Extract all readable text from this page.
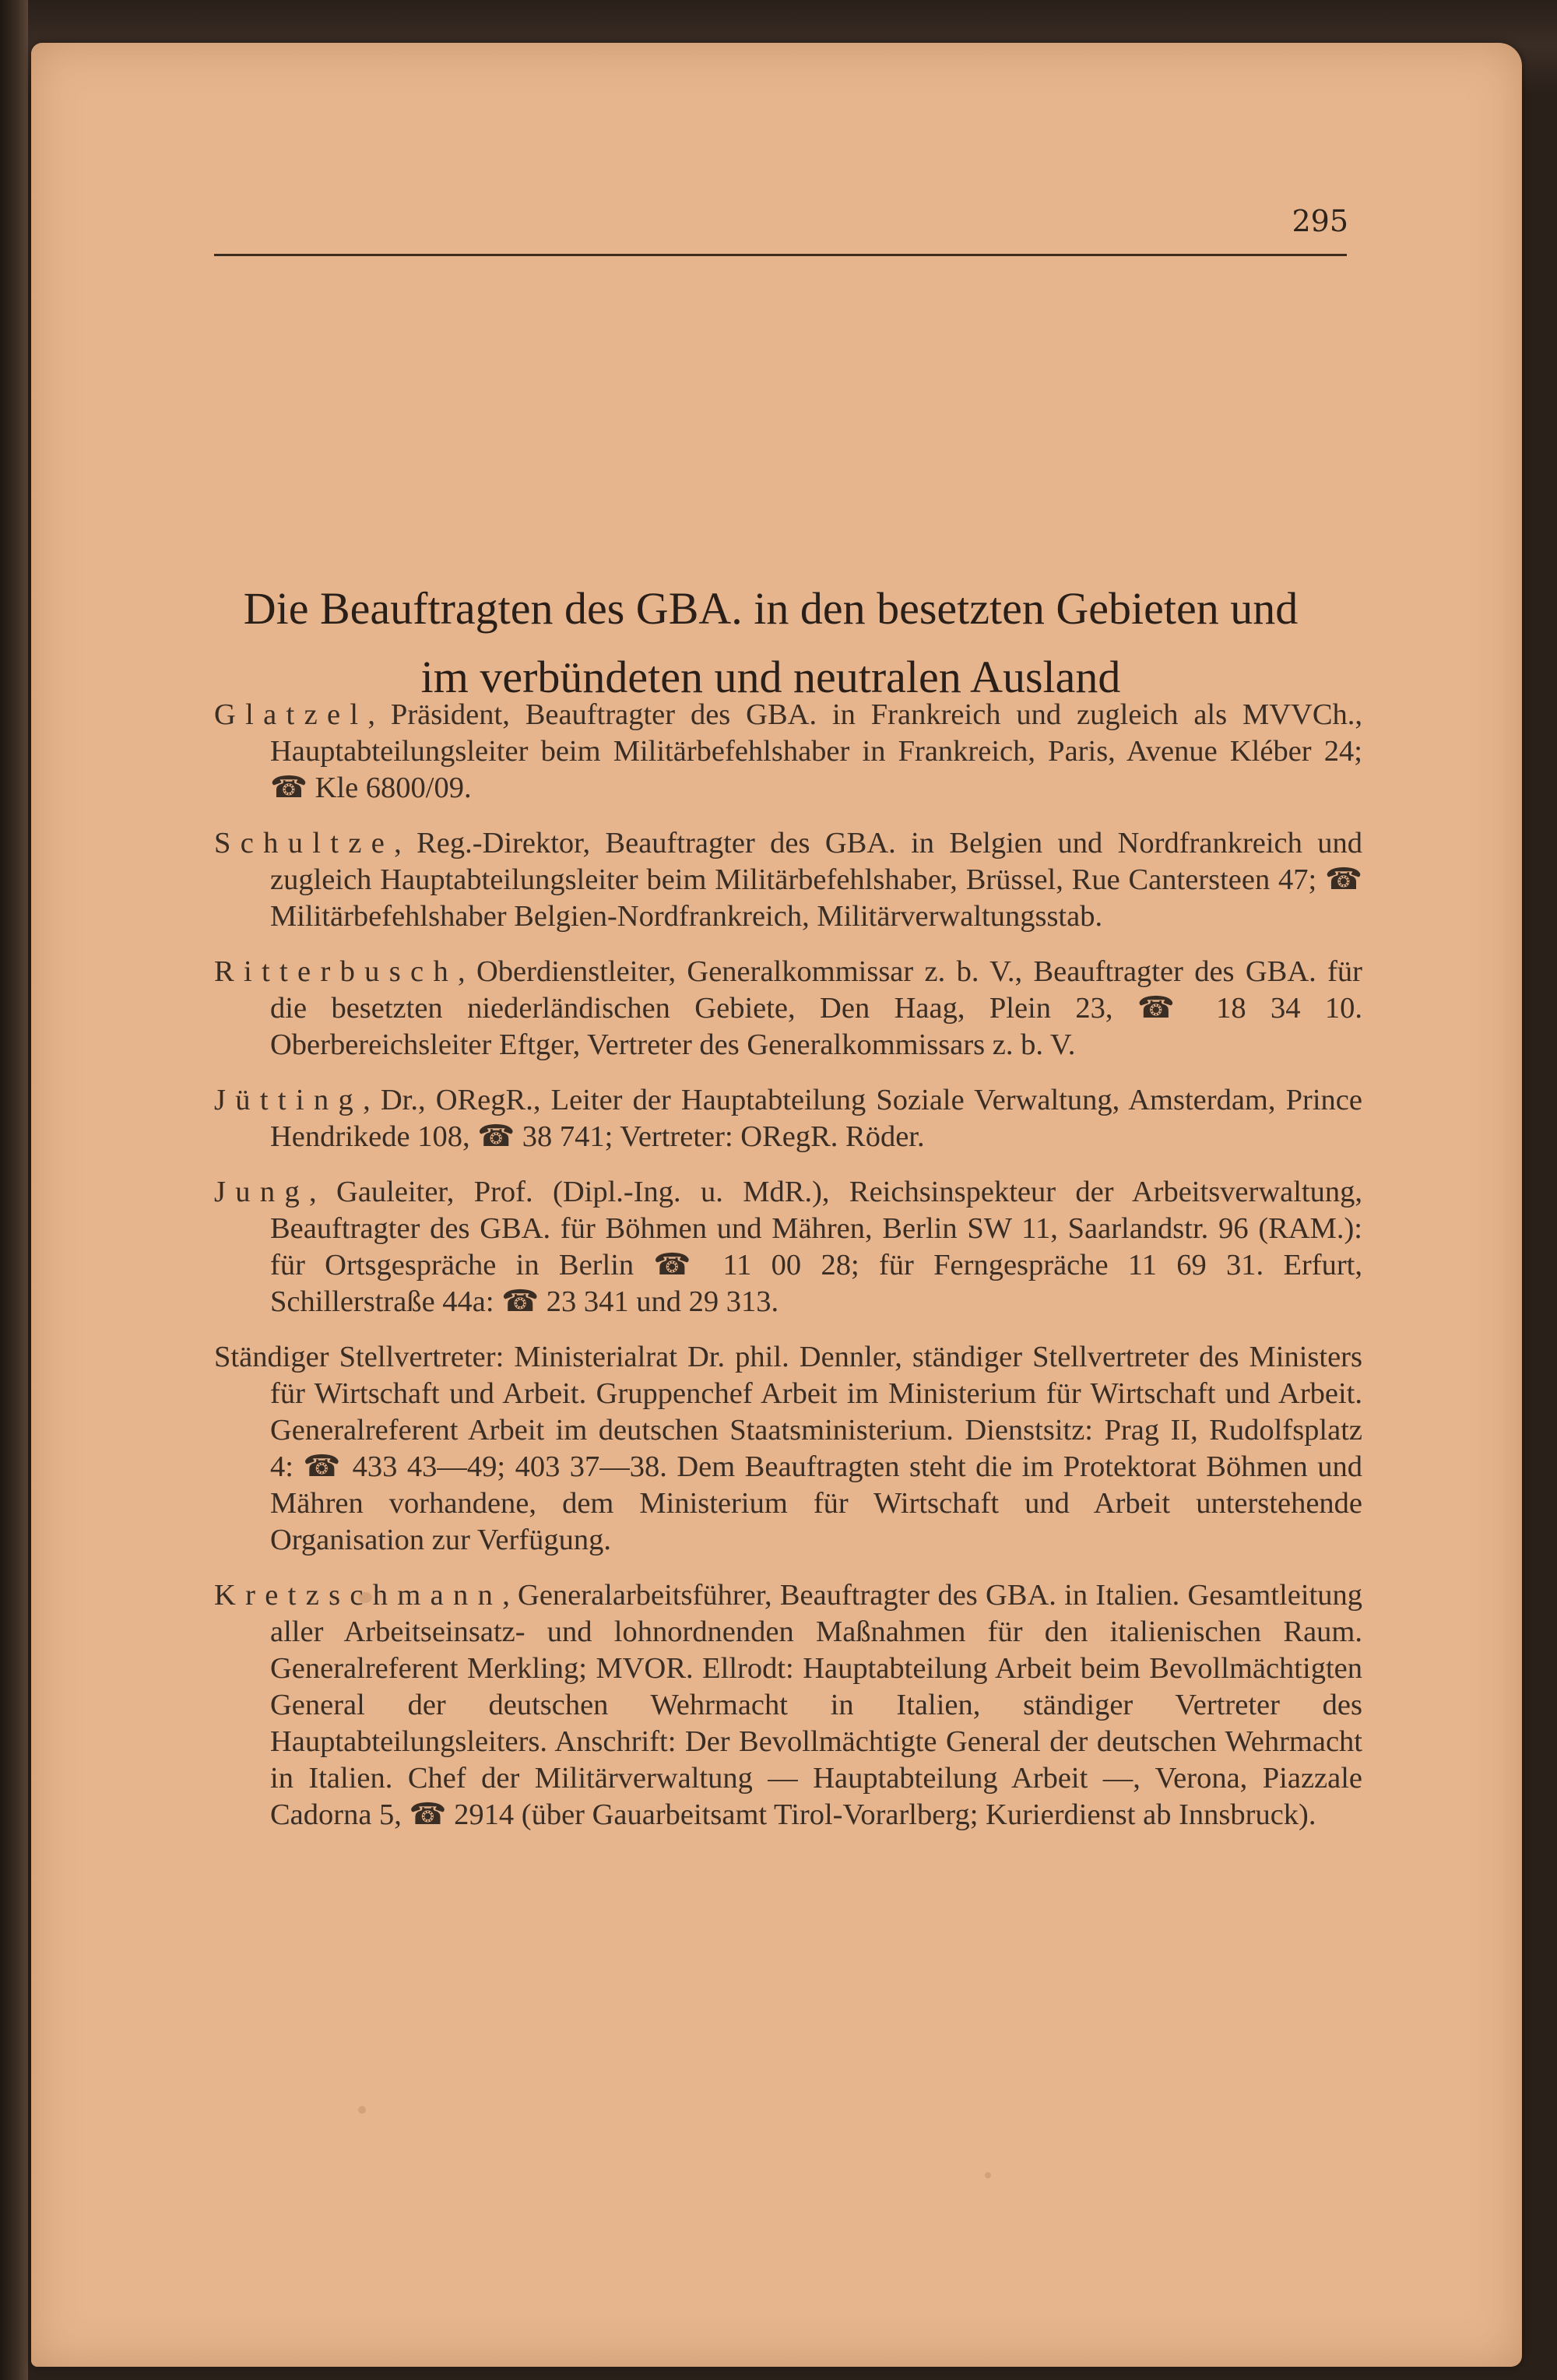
295
Die Beauftragten des GBA. in den besetzten Gebieten und
im verbündeten und neutralen Ausland

Glatzel, Präsident, Beauftragter des GBA. in Frankreich und zugleich als MVVCh., Hauptabteilungsleiter beim Militärbefehlshaber in Frankreich, Paris, Avenue Kléber 24; ☎ Kle 6800/09.

Schultze, Reg.-Direktor, Beauftragter des GBA. in Belgien und Nordfrankreich und zugleich Hauptabteilungsleiter beim Militärbefehlshaber, Brüssel, Rue Cantersteen 47; ☎ Militärbefehlshaber Belgien-Nordfrankreich, Militärverwaltungsstab.

Ritterbusch, Oberdienstleiter, Generalkommissar z. b. V., Beauftragter des GBA. für die besetzten niederländischen Gebiete, Den Haag, Plein 23, ☎ 18 34 10. Oberbereichsleiter Eftger, Vertreter des Generalkommissars z. b. V.

Jütting, Dr., ORegR., Leiter der Hauptabteilung Soziale Verwaltung, Amsterdam, Prince Hendrikede 108, ☎ 38 741; Vertreter: ORegR. Röder.

Jung, Gauleiter, Prof. (Dipl.-Ing. u. MdR.), Reichsinspekteur der Arbeitsverwaltung, Beauftragter des GBA. für Böhmen und Mähren, Berlin SW 11, Saarlandstr. 96 (RAM.): für Ortsgespräche in Berlin ☎ 11 00 28; für Ferngespräche 11 69 31. Erfurt, Schillerstraße 44a: ☎ 23 341 und 29 313.

Ständiger Stellvertreter: Ministerialrat Dr. phil. Dennler, ständiger Stellvertreter des Ministers für Wirtschaft und Arbeit. Gruppenchef Arbeit im Ministerium für Wirtschaft und Arbeit. Generalreferent Arbeit im deutschen Staatsministerium. Dienstsitz: Prag II, Rudolfsplatz 4: ☎ 433 43—49; 403 37—38. Dem Beauftragten steht die im Protektorat Böhmen und Mähren vorhandene, dem Ministerium für Wirtschaft und Arbeit unterstehende Organisation zur Verfügung.

Kretzschmann, Generalarbeitsführer, Beauftragter des GBA. in Italien. Gesamtleitung aller Arbeitseinsatz- und lohnordnenden Maßnahmen für den italienischen Raum. Generalreferent Merkling; MVOR. Ellrodt: Hauptabteilung Arbeit beim Bevollmächtigten General der deutschen Wehrmacht in Italien, ständiger Vertreter des Hauptabteilungsleiters. Anschrift: Der Bevollmächtigte General der deutschen Wehrmacht in Italien. Chef der Militärverwaltung — Hauptabteilung Arbeit —, Verona, Piazzale Cadorna 5, ☎ 2914 (über Gauarbeitsamt Tirol-Vorarlberg; Kurierdienst ab Innsbruck).
